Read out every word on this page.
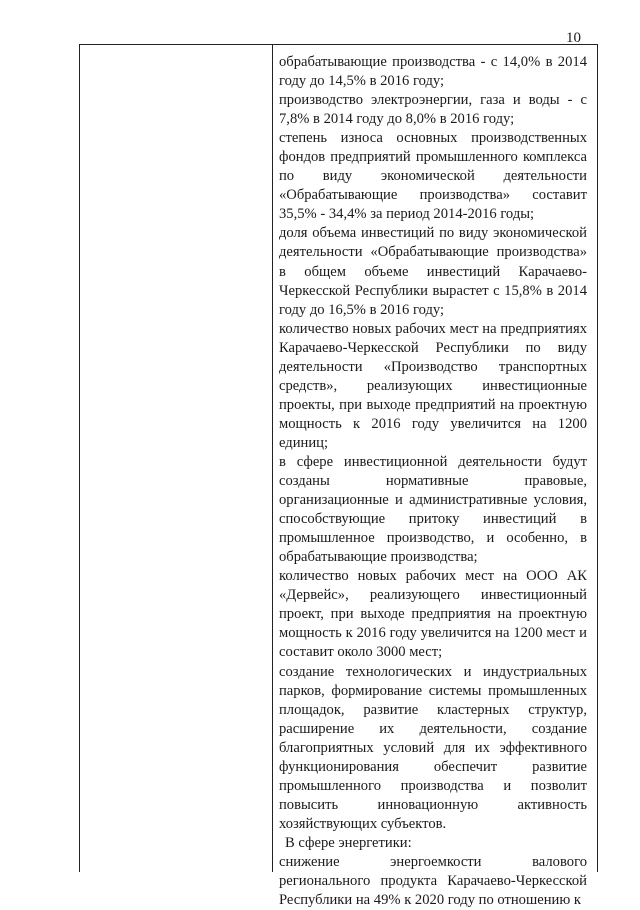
10

обрабатывающие производства - с 14,0% в 2014 году до 14,5% в 2016 году;

производство электроэнергии, газа и воды - с 7,8% в 2014 году до 8,0% в 2016 году;

степень износа основных производственных фондов предприятий промышленного комплекса по виду экономической деятельности «Обрабатывающие производства» составит 35,5% - 34,4% за период 2014-2016 годы;

доля объема инвестиций по виду экономической деятельности «Обрабатывающие производства» в общем объеме инвестиций Карачаево-Черкесской Республики вырастет с 15,8% в 2014 году до 16,5% в 2016 году;

количество новых рабочих мест на предприятиях Карачаево-Черкесской Республики по виду деятельности «Производство транспортных средств», реализующих инвестиционные проекты, при выходе предприятий на проектную мощность к 2016 году увеличится на 1200 единиц;

в сфере инвестиционной деятельности будут созданы нормативные правовые, организационные и административные условия, способствующие притоку инвестиций в промышленное производство, и особенно, в обрабатывающие производства;

количество новых рабочих мест на ООО АК «Дервейс», реализующего инвестиционный проект, при выходе предприятия на проектную мощность к 2016 году увеличится на 1200 мест и составит около 3000 мест;

создание технологических и индустриальных парков, формирование системы промышленных площадок, развитие кластерных структур, расширение их деятельности, создание благоприятных условий для их эффективного функционирования обеспечит развитие промышленного производства и позволит повысить инновационную активность хозяйствующих субъектов.

В сфере энергетики:

снижение энергоемкости валового регионального продукта Карачаево-Черкесской Республики на 49% к 2020 году по отношению к
